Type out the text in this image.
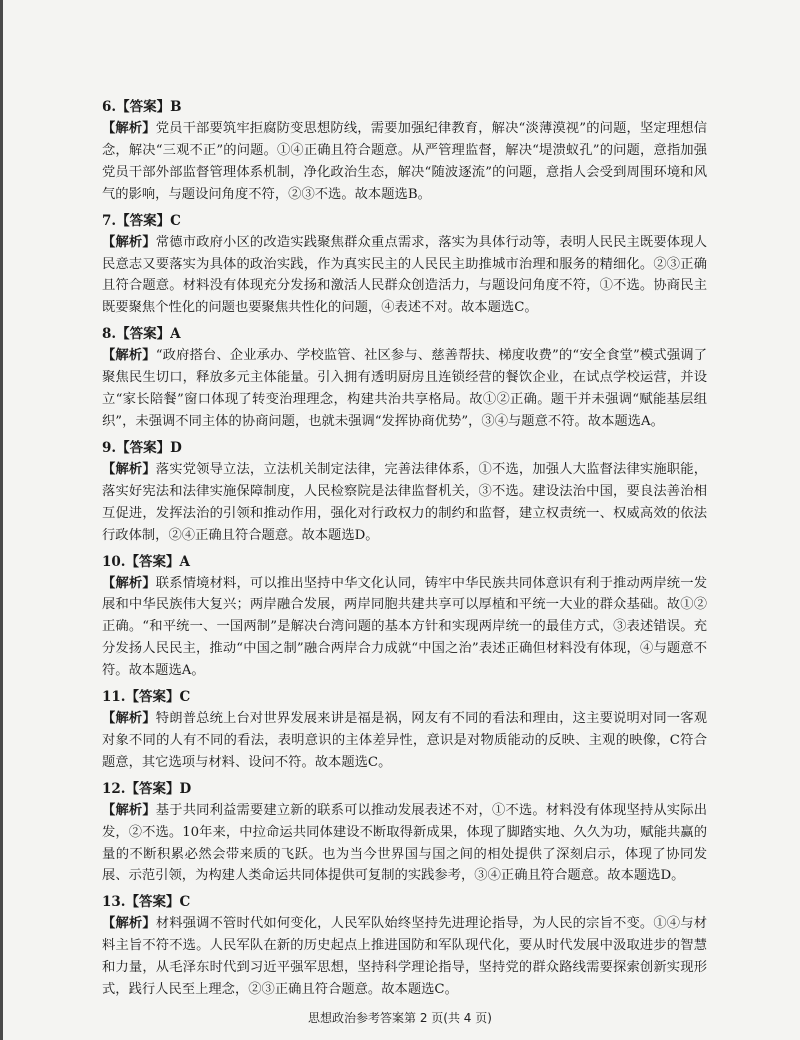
6.【答案】B
【解析】党员干部要筑牢拒腐防变思想防线，需要加强纪律教育，解决“淡薄漠视”的问题，坚定理想信念，解决“三观不正”的问题。①④正确且符合题意。从严管理监督，解决“堤溃蚁孔”的问题，意指加强党员干部外部监督管理体系机制，净化政治生态，解决“随波逐流”的问题，意指人会受到周围环境和风气的影响，与题设问角度不符，②③不选。故本题选B。
7.【答案】C
【解析】常德市政府小区的改造实践聚焦群众重点需求，落实为具体行动等，表明人民民主既要体现人民意志又要落实为具体的政治实践，作为真实民主的人民民主助推城市治理和服务的精细化。②③正确且符合题意。材料没有体现充分发扬和激活人民群众创造活力，与题设问角度不符，①不选。协商民主既要聚焦个性化的问题也要聚焦共性化的问题，④表述不对。故本题选C。
8.【答案】A
【解析】“政府搭台、企业承办、学校监管、社区参与、慈善帮扶、梯度收费”的“安全食堂”模式强调了聚焦民生切口，释放多元主体能量。引入拥有透明厨房且连锁经营的餐饮企业，在试点学校运营，并设立“家长陪餐”窗口体现了转变治理理念，构建共治共享格局。故①②正确。题干并未强调“赋能基层组织”，未强调不同主体的协商问题，也就未强调“发挥协商优势”，③④与题意不符。故本题选A。
9.【答案】D
【解析】落实党领导立法，立法机关制定法律，完善法律体系，①不选，加强人大监督法律实施职能，落实好宪法和法律实施保障制度，人民检察院是法律监督机关，③不选。建设法治中国，要良法善治相互促进，发挥法治的引领和推动作用，强化对行政权力的制约和监督，建立权责统一、权威高效的依法行政体制，②④正确且符合题意。故本题选D。
10.【答案】A
【解析】联系情境材料，可以推出坚持中华文化认同，铸牢中华民族共同体意识有利于推动两岸统一发展和中华民族伟大复兴；两岸融合发展，两岸同胞共建共享可以厚植和平统一大业的群众基础。故①②正确。“和平统一、一国两制”是解决台湾问题的基本方针和实现两岸统一的最佳方式，③表述错误。充分发扬人民民主，推动“中国之制”融合两岸合力成就“中国之治”表述正确但材料没有体现，④与题意不符。故本题选A。
11.【答案】C
【解析】特朗普总统上台对世界发展来讲是福是祸，网友有不同的看法和理由，这主要说明对同一客观对象不同的人有不同的看法，表明意识的主体差异性，意识是对物质能动的反映、主观的映像，C符合题意，其它选项与材料、设问不符。故本题选C。
12.【答案】D
【解析】基于共同利益需要建立新的联系可以推动发展表述不对，①不选。材料没有体现坚持从实际出发，②不选。10年来，中拉命运共同体建设不断取得新成果，体现了脚踏实地、久久为功，赋能共赢的量的不断积累必然会带来质的飞跃。也为当今世界国与国之间的相处提供了深刻启示，体现了协同发展、示范引领，为构建人类命运共同体提供可复制的实践参考，③④正确且符合题意。故本题选D。
13.【答案】C
【解析】材料强调不管时代如何变化，人民军队始终坚持先进理论指导，为人民的宗旨不变。①④与材料主旨不符不选。人民军队在新的历史起点上推进国防和军队现代化，要从时代发展中汲取进步的智慧和力量，从毛泽东时代到习近平强军思想，坚持科学理论指导，坚持党的群众路线需要探索创新实现形式，践行人民至上理念，②③正确且符合题意。故本题选C。
思想政治参考答案第 2 页(共 4 页)
